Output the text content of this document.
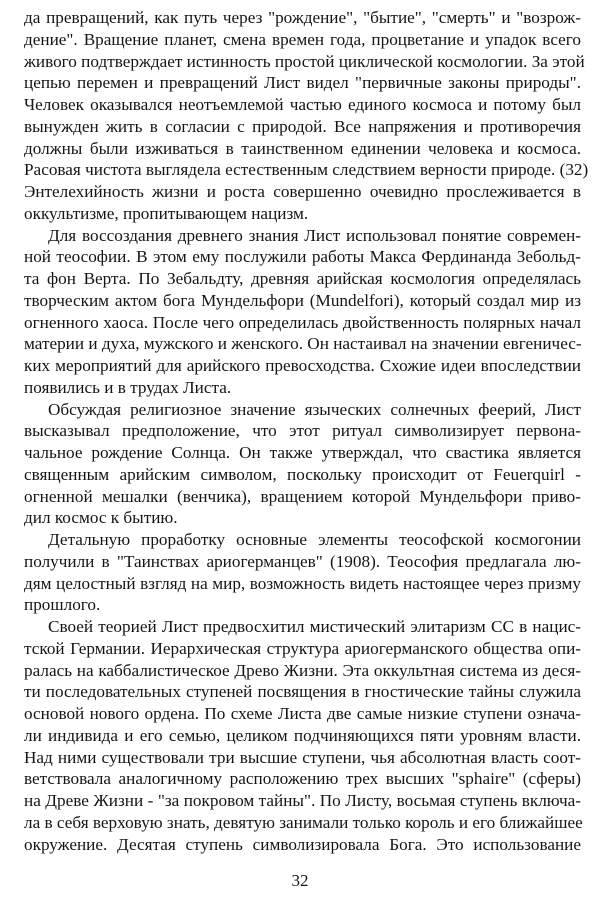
да превращений, как путь через "рождение", "бытие", "смерть" и "возрож-
дение". Вращение планет, смена времен года, процветание и упадок всего
живого подтверждает истинность простой циклической космологии. За этой
цепью перемен и превращений Лист видел "первичные законы природы".
Человек оказывался неотъемлемой частью единого космоса и потому был
вынужден жить в согласии с природой. Все напряжения и противоречия
должны были изживаться в таинственном единении человека и космоса.
Расовая чистота выглядела естественным следствием верности природе. (32)
Энтелехийность жизни и роста совершенно очевидно прослеживается в
оккультизме, пропитывающем нацизм.
Для воссоздания древнего знания Лист использовал понятие современ-
ной теософии. В этом ему послужили работы Макса Фердинанда Зебольд-
та фон Верта. По Зебальдту, древняя арийская космология определялась
творческим актом бога Мундельфори (Mundelfori), который создал мир из
огненного хаоса. После чего определилась двойственность полярных начал
материи и духа, мужского и женского. Он настаивал на значении евгеничес-
ких мероприятий для арийского превосходства. Схожие идеи впоследствии
появились и в трудах Листа.
Обсуждая религиозное значение языческих солнечных феерий, Лист
высказывал предположение, что этот ритуал символизирует первона-
чальное рождение Солнца. Он также утверждал, что свастика является
священным арийским символом, поскольку происходит от Feuerquirl -
огненной мешалки (венчика), вращением которой Мундельфори приво-
дил космос к бытию.
Детальную проработку основные элементы теософской космогонии
получили в "Таинствах ариогерманцев" (1908). Теософия предлагала лю-
дям целостный взгляд на мир, возможность видеть настоящее через призму
прошлого.
Своей теорией Лист предвосхитил мистический элитаризм СС в нацис-
тской Германии. Иерархическая структура ариогерманского общества опи-
ралась на каббалистическое Древо Жизни. Эта оккультная система из деся-
ти последовательных ступеней посвящения в гностические тайны служила
основой нового ордена. По схеме Листа две самые низкие ступени означа-
ли индивида и его семью, целиком подчиняющихся пяти уровням власти.
Над ними существовали три высшие ступени, чья абсолютная власть соот-
ветствовала аналогичному расположению трех высших "sphaire" (сферы)
на Древе Жизни - "за покровом тайны". По Листу, восьмая ступень включа-
ла в себя верховую знать, девятую занимали только король и его ближайшее
окружение. Десятая ступень символизировала Бога. Это использование
32
